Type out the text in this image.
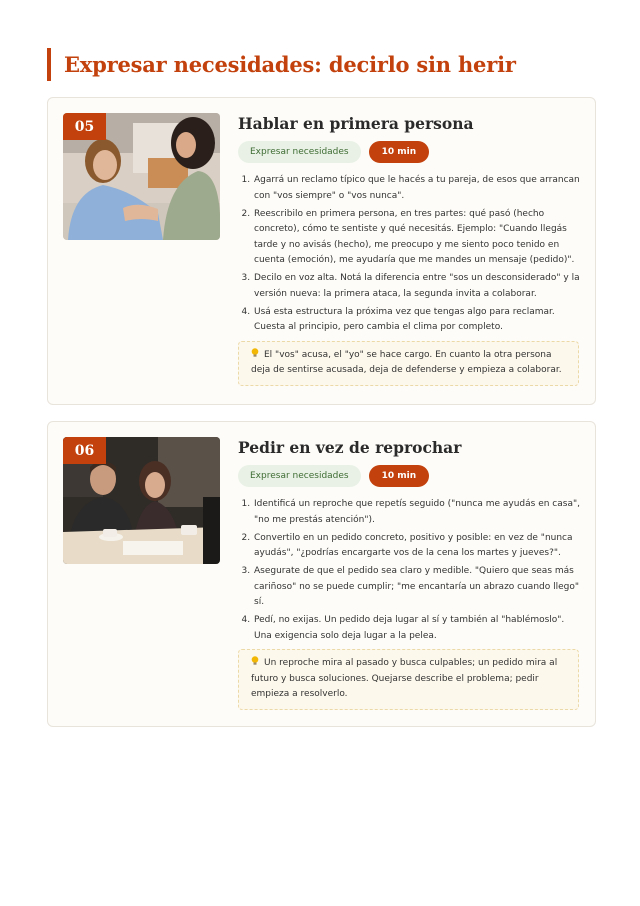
Expresar necesidades: decirlo sin herir
05	Hablar en primera persona
Expresar necesidades	10 min
1. Agarrá un reclamo típico que le hacés a tu pareja, de esos que arrancan con "vos siempre" o "vos nunca".
2. Reescribilo en primera persona, en tres partes: qué pasó (hecho concreto), cómo te sentiste y qué necesitás. Ejemplo: "Cuando llegás tarde y no avisás (hecho), me preocupo y me siento poco tenido en cuenta (emoción), me ayudaría que me mandes un mensaje (pedido)".
3. Decilo en voz alta. Notá la diferencia entre "sos un desconsiderado" y la versión nueva: la primera ataca, la segunda invita a colaborar.
4. Usá esta estructura la próxima vez que tengas algo para reclamar. Cuesta al principio, pero cambia el clima por completo.
El "vos" acusa, el "yo" se hace cargo. En cuanto la otra persona deja de sentirse acusada, deja de defenderse y empieza a colaborar.
06	Pedir en vez de reprochar
Expresar necesidades	10 min
1. Identificá un reproche que repetís seguido ("nunca me ayudás en casa", "no me prestás atención").
2. Convertilo en un pedido concreto, positivo y posible: en vez de "nunca ayudás", "¿podrías encargarte vos de la cena los martes y jueves?".
3. Asegurate de que el pedido sea claro y medible. "Quiero que seas más cariñoso" no se puede cumplir; "me encantaría un abrazo cuando llego" sí.
4. Pedí, no exijas. Un pedido deja lugar al sí y también al "hablémoslo". Una exigencia solo deja lugar a la pelea.
Un reproche mira al pasado y busca culpables; un pedido mira al futuro y busca soluciones. Quejarse describe el problema; pedir empieza a resolverlo.
